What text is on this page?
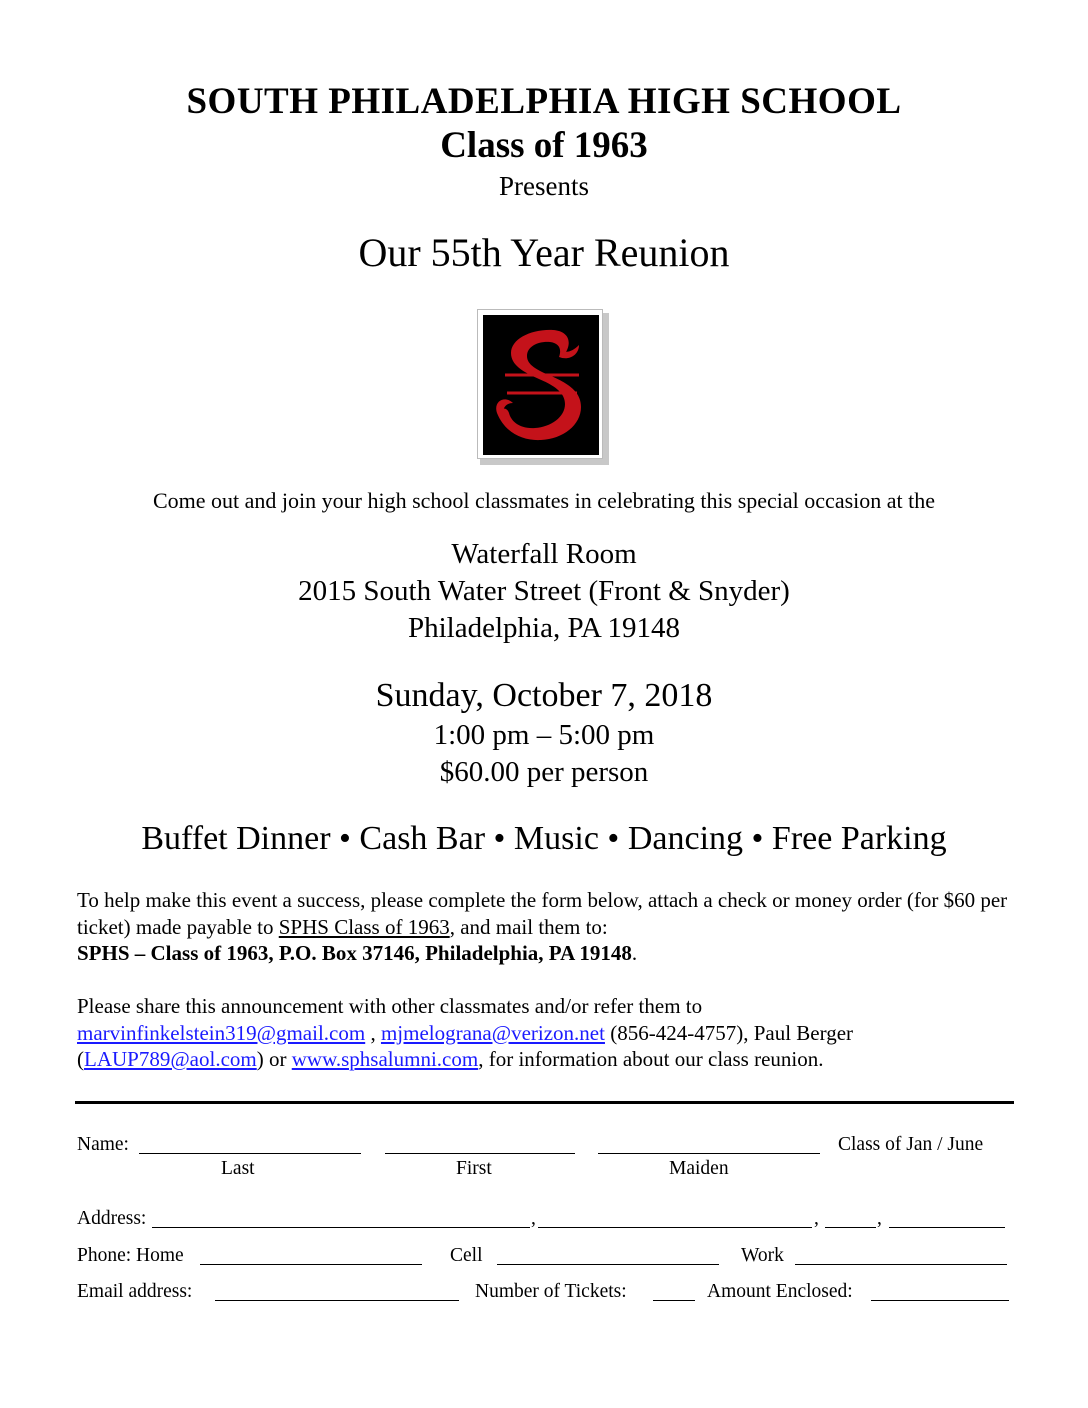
SOUTH PHILADELPHIA HIGH SCHOOL
Class of 1963
Presents
Our 55th Year Reunion
Come out and join your high school classmates in celebrating this special occasion at the
Waterfall Room
2015 South Water Street (Front & Snyder)
Philadelphia, PA 19148
Sunday, October 7, 2018
1:00 pm – 5:00 pm
$60.00 per person
Buffet Dinner • Cash Bar • Music • Dancing • Free Parking
To help make this event a success, please complete the form below, attach a check or money order (for $60 per ticket) made payable to SPHS Class of 1963, and mail them to:
SPHS – Class of 1963, P.O. Box 37146, Philadelphia, PA 19148.
Please share this announcement with other classmates and/or refer them to
marvinfinkelstein319@gmail.com , mjmelograna@verizon.net (856-424-4757), Paul Berger
(LAUP789@aol.com) or www.sphsalumni.com, for information about our class reunion.
Name:	Class of Jan / June
Last	First	Maiden
Address:	,	,	,
Phone: Home	Cell	Work
Email address:	Number of Tickets:	Amount Enclosed:
